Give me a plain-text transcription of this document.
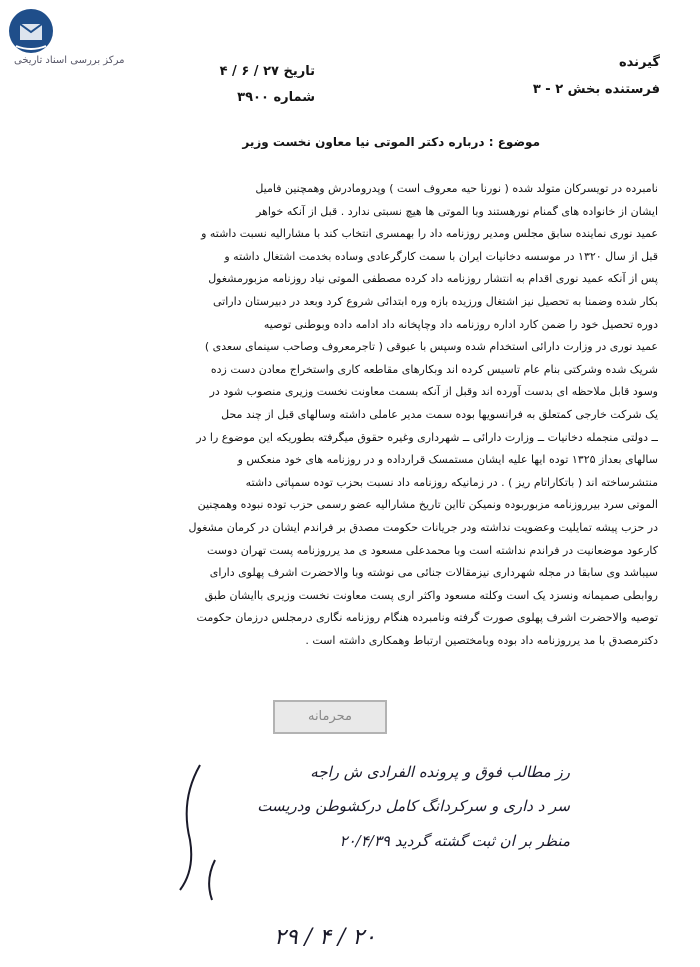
مرکز بررسی اسناد تاریخی	گیرنده
فرستنده بخش ۲ - ۳
تاریخ ۲۷ / ۶ / ۴
شماره ۳۹۰۰
موضوع : درباره دکتر الموتی نیا معاون نخست وزیر
نامبرده در تویسرکان متولد شده ( نورنا حیه معروف است ) وپدرومادرش وهمچنین فامیل
ایشان از خانواده های گمنام نورهستند وبا الموتی ها هیچ نسبتی ندارد . قبل از آنکه خواهر
عمید نوری نماینده سابق مجلس ومدیر روزنامه داد را بهمسری انتخاب کند با مشارالیه نسبت داشته و
قبل از سال ۱۳۲۰ در موسسه دخانیات ایران با سمت کارگرعادی وساده بخدمت اشتغال داشته و
پس از آنکه عمید نوری اقدام به انتشار روزنامه داد کرده مصطفی الموتی نیاد روزنامه مزبورمشغول
بکار شده وضمنا به تحصیل نیز اشتغال ورزیده بازه وره ابتدائی شروع کرد وبعد در دبیرستان داراتی
دوره تحصیل خود را ضمن کارد اداره روزنامه داد وچاپخانه داد ادامه داده وبوطنی توصیه
عمید نوری در وزارت دارائی استخدام شده وسپس با عبوقی ( تاجرمعروف وصاحب سینمای سعدی )
شریک شده وشرکتی بنام عام تاسیس کرده اند وبکارهای مقاطعه کاری واستخراج معادن دست زده
وسود قابل ملاحظه ای بدست آورده اند وقبل از آنکه بسمت معاونت نخست وزیری منصوب شود در
یک شرکت خارجی کمتعلق به فرانسویها بوده سمت مدیر عاملی داشته وسالهای قبل از چند محل
ــ دولتی منجمله دخانیات ــ وزارت دارائی ــ شهرداری وغیره حقوق میگرفته بطوریکه این موضوع را در
سالهای بعداز ۱۳۲۵ توده ایها علیه ایشان مستمسک قرارداده و در روزنامه های خود منعکس و
منتشرساخته اند ( باتکاراتام ریز ) . در زمانیکه روزنامه داد نسبت بحزب توده سمپاتی داشته
الموتی سرد بیرروزنامه مزبوربوده ونمیکن تااین تاریخ مشارالیه عضو رسمی حزب توده نبوده وهمچنین
در حزب پیشه تمایلیت وعضویت نداشته ودر جریانات حکومت مصدق بر فراندم ایشان در کرمان مشغول
کارعود موضعانیت در فراندم نداشته است وبا محمدعلی مسعود ی مد یرروزنامه پست تهران دوست
سیباشد وی سابقا در مجله شهرداری نیزمقالات جنائی می نوشته وبا والاحضرت اشرف پهلوی دارای
روابطی صمیمانه ونسزد یک است وکلته مسعود واکثر اری پست معاونت نخست وزیری باایشان طبق
توصیه والاحضرت اشرف پهلوی صورت گرفته ونامبرده هنگام روزنامه نگاری درمجلس درزمان حکومت
دکترمصدق با مد یرروزنامه داد بوده وبامختصین ارتباط وهمکاری داشته است .
محرمانه
رز مطالب فوق و پرونده الفرادی ش راجه
سر د داری و سرکردانگ کامل درکشوطن ودریست
منظر بر ان ثبت گشته گردید ۲۰/۴/۳۹
۲۹ / ۴ / ۲۰
